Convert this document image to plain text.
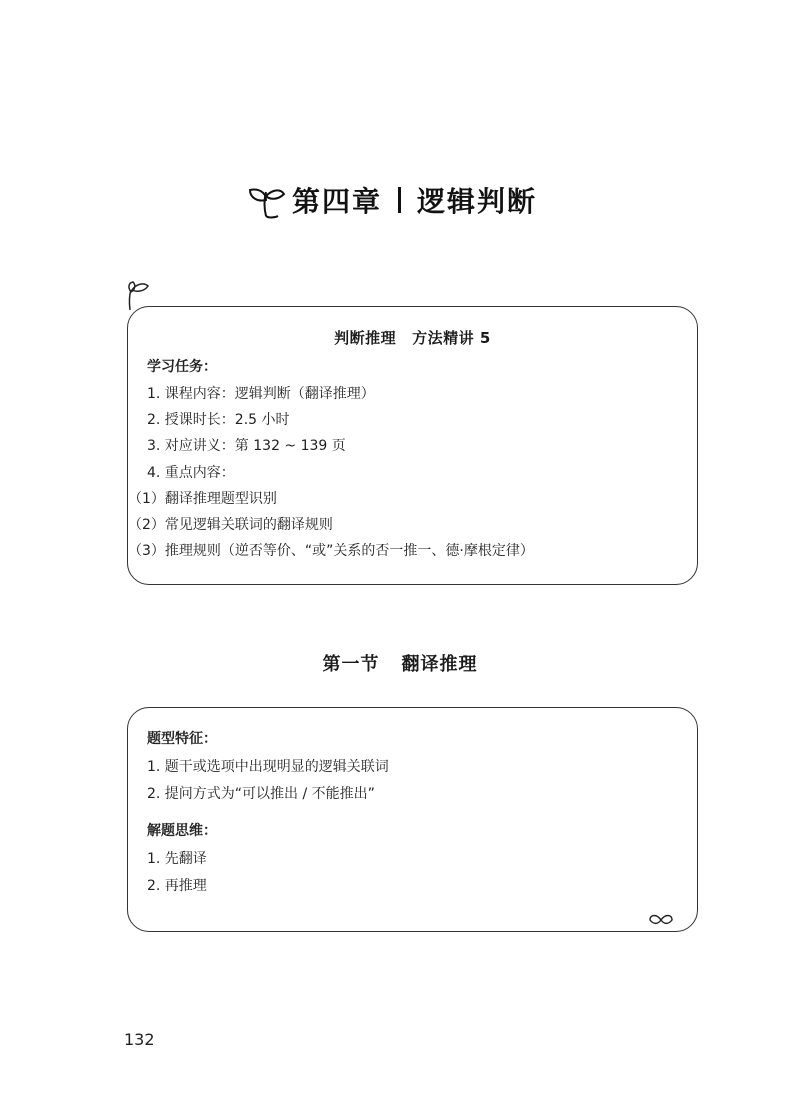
第四章 逻辑判断
判断推理 方法精讲 5
学习任务：
1. 课程内容：逻辑判断（翻译推理）
2. 授课时长：2.5 小时
3. 对应讲义：第 132 ~ 139 页
4. 重点内容：
（1）翻译推理题型识别
（2）常见逻辑关联词的翻译规则
（3）推理规则（逆否等价、“或”关系的否一推一、德·摩根定律）
第一节 翻译推理
题型特征：
1. 题干或选项中出现明显的逻辑关联词
2. 提问方式为“可以推出 / 不能推出”
解题思维：
1. 先翻译
2. 再推理
132
